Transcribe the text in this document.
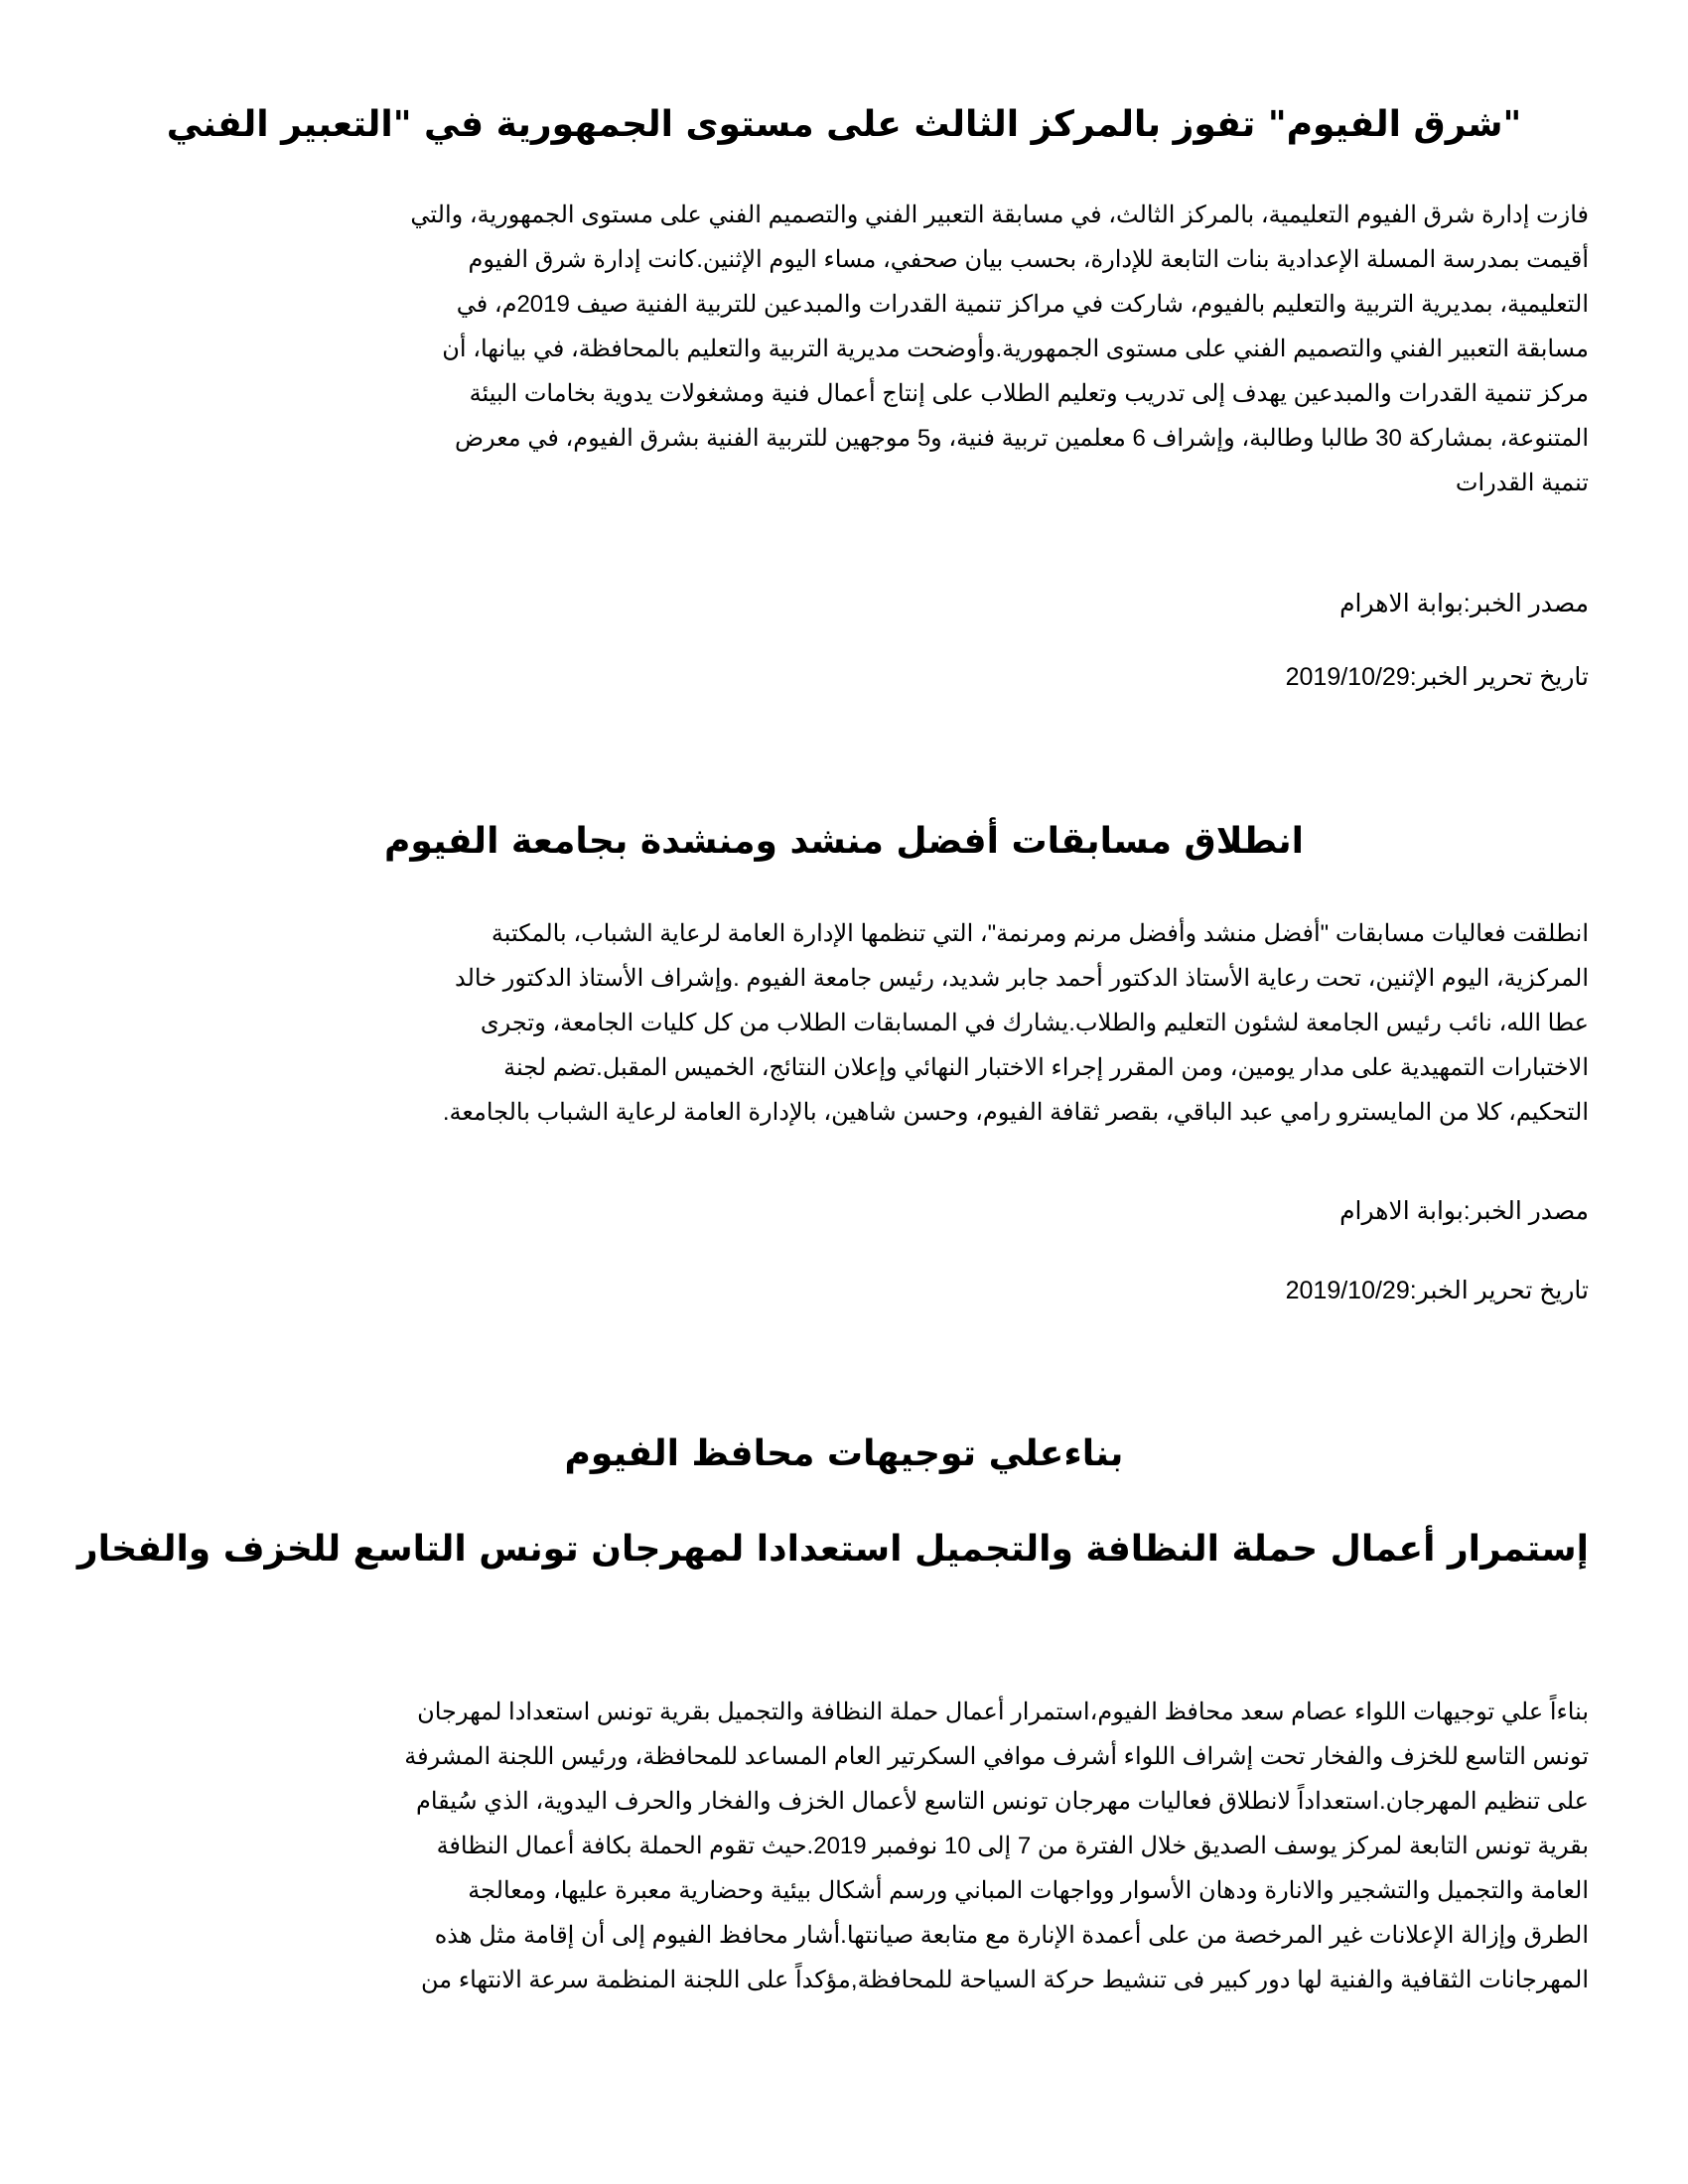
"شرق الفيوم" تفوز بالمركز الثالث على مستوى الجمهورية في "التعبير الفني

فازت إدارة شرق الفيوم التعليمية، بالمركز الثالث، في مسابقة التعبير الفني والتصميم الفني على مستوى الجمهورية، والتي
أقيمت بمدرسة المسلة الإعدادية بنات التابعة للإدارة، بحسب بيان صحفي، مساء اليوم الإثنين.كانت إدارة شرق الفيوم
التعليمية، بمديرية التربية والتعليم بالفيوم، شاركت في مراكز تنمية القدرات والمبدعين للتربية الفنية صيف 2019م، في
مسابقة التعبير الفني والتصميم الفني على مستوى الجمهورية.وأوضحت مديرية التربية والتعليم بالمحافظة، في بيانها، أن
مركز تنمية القدرات والمبدعين يهدف إلى تدريب وتعليم الطلاب على إنتاج أعمال فنية ومشغولات يدوية بخامات البيئة
المتنوعة، بمشاركة 30 طالبا وطالبة، وإشراف 6 معلمين تربية فنية، و5 موجهين للتربية الفنية بشرق الفيوم، في معرض
تنمية القدرات

مصدر الخبر:بوابة الاهرام

تاريخ تحرير الخبر:2019/10/29

انطلاق مسابقات أفضل منشد ومنشدة بجامعة الفيوم

انطلقت فعاليات مسابقات "أفضل منشد وأفضل مرنم ومرنمة"، التي تنظمها الإدارة العامة لرعاية الشباب، بالمكتبة
المركزية، اليوم الإثنين، تحت رعاية الأستاذ الدكتور أحمد جابر شديد، رئيس جامعة الفيوم .وإشراف الأستاذ الدكتور خالد
عطا الله، نائب رئيس الجامعة لشئون التعليم والطلاب.يشارك في المسابقات الطلاب من كل كليات الجامعة، وتجرى
الاختبارات التمهيدية على مدار يومين، ومن المقرر إجراء الاختبار النهائي وإعلان النتائج، الخميس المقبل.تضم لجنة
التحكيم، كلا من المايسترو رامي عبد الباقي، بقصر ثقافة الفيوم، وحسن شاهين، بالإدارة العامة لرعاية الشباب بالجامعة.

مصدر الخبر:بوابة الاهرام

تاريخ تحرير الخبر:2019/10/29

بناءعلي توجيهات محافظ الفيوم
إستمرار أعمال حملة النظافة والتجميل استعدادا لمهرجان تونس التاسع للخزف والفخار

بناءاً علي توجيهات اللواء عصام سعد محافظ الفيوم،استمرار أعمال حملة النظافة والتجميل بقرية تونس استعدادا لمهرجان
تونس التاسع للخزف والفخار تحت إشراف اللواء أشرف موافي السكرتير العام المساعد للمحافظة، ورئيس اللجنة المشرفة
على تنظيم المهرجان.استعداداً لانطلاق فعاليات مهرجان تونس التاسع لأعمال الخزف والفخار والحرف اليدوية، الذي سُيقام
بقرية تونس التابعة لمركز يوسف الصديق خلال الفترة من 7 إلى 10 نوفمبر 2019.حيث تقوم الحملة بكافة أعمال النظافة
العامة والتجميل والتشجير والانارة ودهان الأسوار وواجهات المباني ورسم أشكال بيئية وحضارية معبرة عليها، ومعالجة
الطرق وإزالة الإعلانات غير المرخصة من على أعمدة الإنارة مع متابعة صيانتها.أشار محافظ الفيوم إلى أن إقامة مثل هذه
المهرجانات الثقافية والفنية لها دور كبير فى تنشيط حركة السياحة للمحافظة,مؤكداً على اللجنة المنظمة سرعة الانتهاء من
